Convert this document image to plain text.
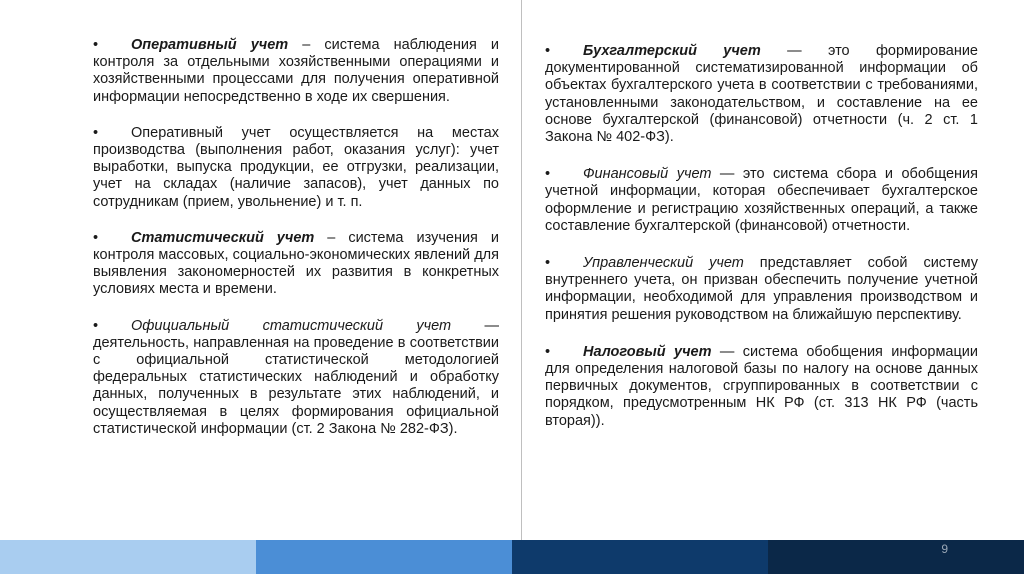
• Оперативный учет – система наблюдения и контроля за отдельными хозяйственными операциями и хозяйственными процессами для получения оперативной информации непосредственно в ходе их свершения.

• Оперативный учет осуществляется на местах производства (выполнения работ, оказания услуг): учет выработки, выпуска продукции, ее отгрузки, реализации, учет на складах (наличие запасов), учет данных по сотрудникам (прием, увольнение) и т. п.

• Статистический учет – система изучения и контроля массовых, социально-экономических явлений для выявления закономерностей их развития в конкретных условиях места и времени.

• Официальный статистический учет — деятельность, направленная на проведение в соответствии с официальной статистической методологией федеральных статистических наблюдений и обработку данных, полученных в результате этих наблюдений, и осуществляемая в целях формирования официальной статистической информации (ст. 2 Закона № 282-ФЗ).

• Бухгалтерский учет — это формирование документированной систематизированной информации об объектах бухгалтерского учета в соответствии с требованиями, установленными законодательством, и составление на ее основе бухгалтерской (финансовой) отчетности (ч. 2 ст. 1 Закона № 402-ФЗ).

• Финансовый учет — это система сбора и обобщения учетной информации, которая обеспечивает бухгалтерское оформление и регистрацию хозяйственных операций, а также составление бухгалтерской (финансовой) отчетности.

• Управленческий учет представляет собой систему внутреннего учета, он призван обеспечить получение учетной информации, необходимой для управления производством и принятия решения руководством на ближайшую перспективу.

• Налоговый учет — система обобщения информации для определения налоговой базы по налогу на основе данных первичных документов, сгруппированных в соответствии с порядком, предусмотренным НК РФ (ст. 313 НК РФ (часть вторая)).

9
